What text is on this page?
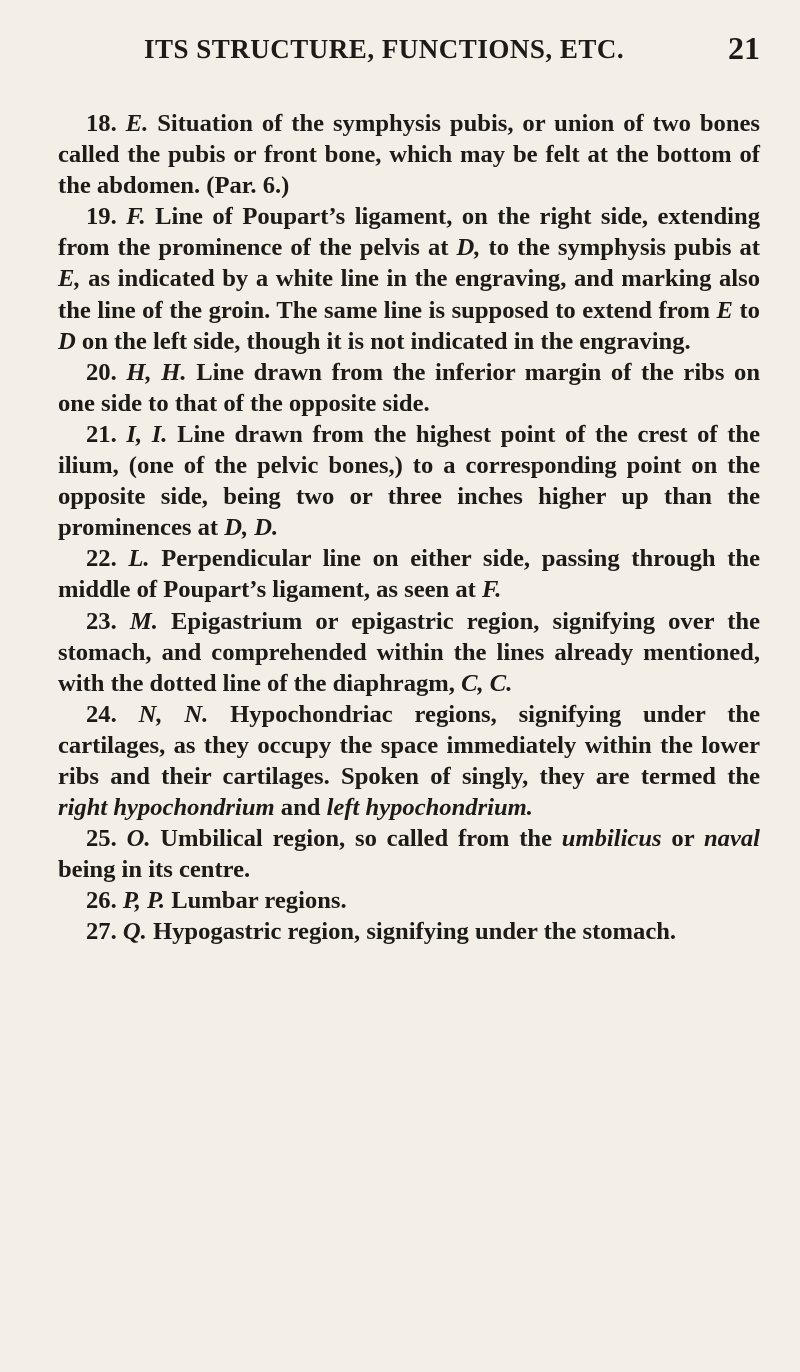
ITS STRUCTURE, FUNCTIONS, ETC.	21

18. E. Situation of the symphysis pubis, or union of two bones called the pubis or front bone, which may be felt at the bottom of the abdomen. (Par. 6.)

19. F. Line of Poupart’s ligament, on the right side, extending from the prominence of the pelvis at D, to the symphysis pubis at E, as indicated by a white line in the engraving, and marking also the line of the groin. The same line is supposed to extend from E to D on the left side, though it is not indicated in the engraving.

20. H, H. Line drawn from the inferior margin of the ribs on one side to that of the opposite side.

21. I, I. Line drawn from the highest point of the crest of the ilium, (one of the pelvic bones,) to a corresponding point on the opposite side, being two or three inches higher up than the prominences at D, D.

22. L. Perpendicular line on either side, passing through the middle of Poupart’s ligament, as seen at F.

23. M. Epigastrium or epigastric region, signifying over the stomach, and comprehended within the lines already mentioned, with the dotted line of the diaphragm, C, C.

24. N, N. Hypochondriac regions, signifying under the cartilages, as they occupy the space immediately within the lower ribs and their cartilages. Spoken of singly, they are termed the right hypochondrium and left hypochondrium.

25. O. Umbilical region, so called from the umbilicus or naval being in its centre.

26. P, P. Lumbar regions.

27. Q. Hypogastric region, signifying under the stomach.
